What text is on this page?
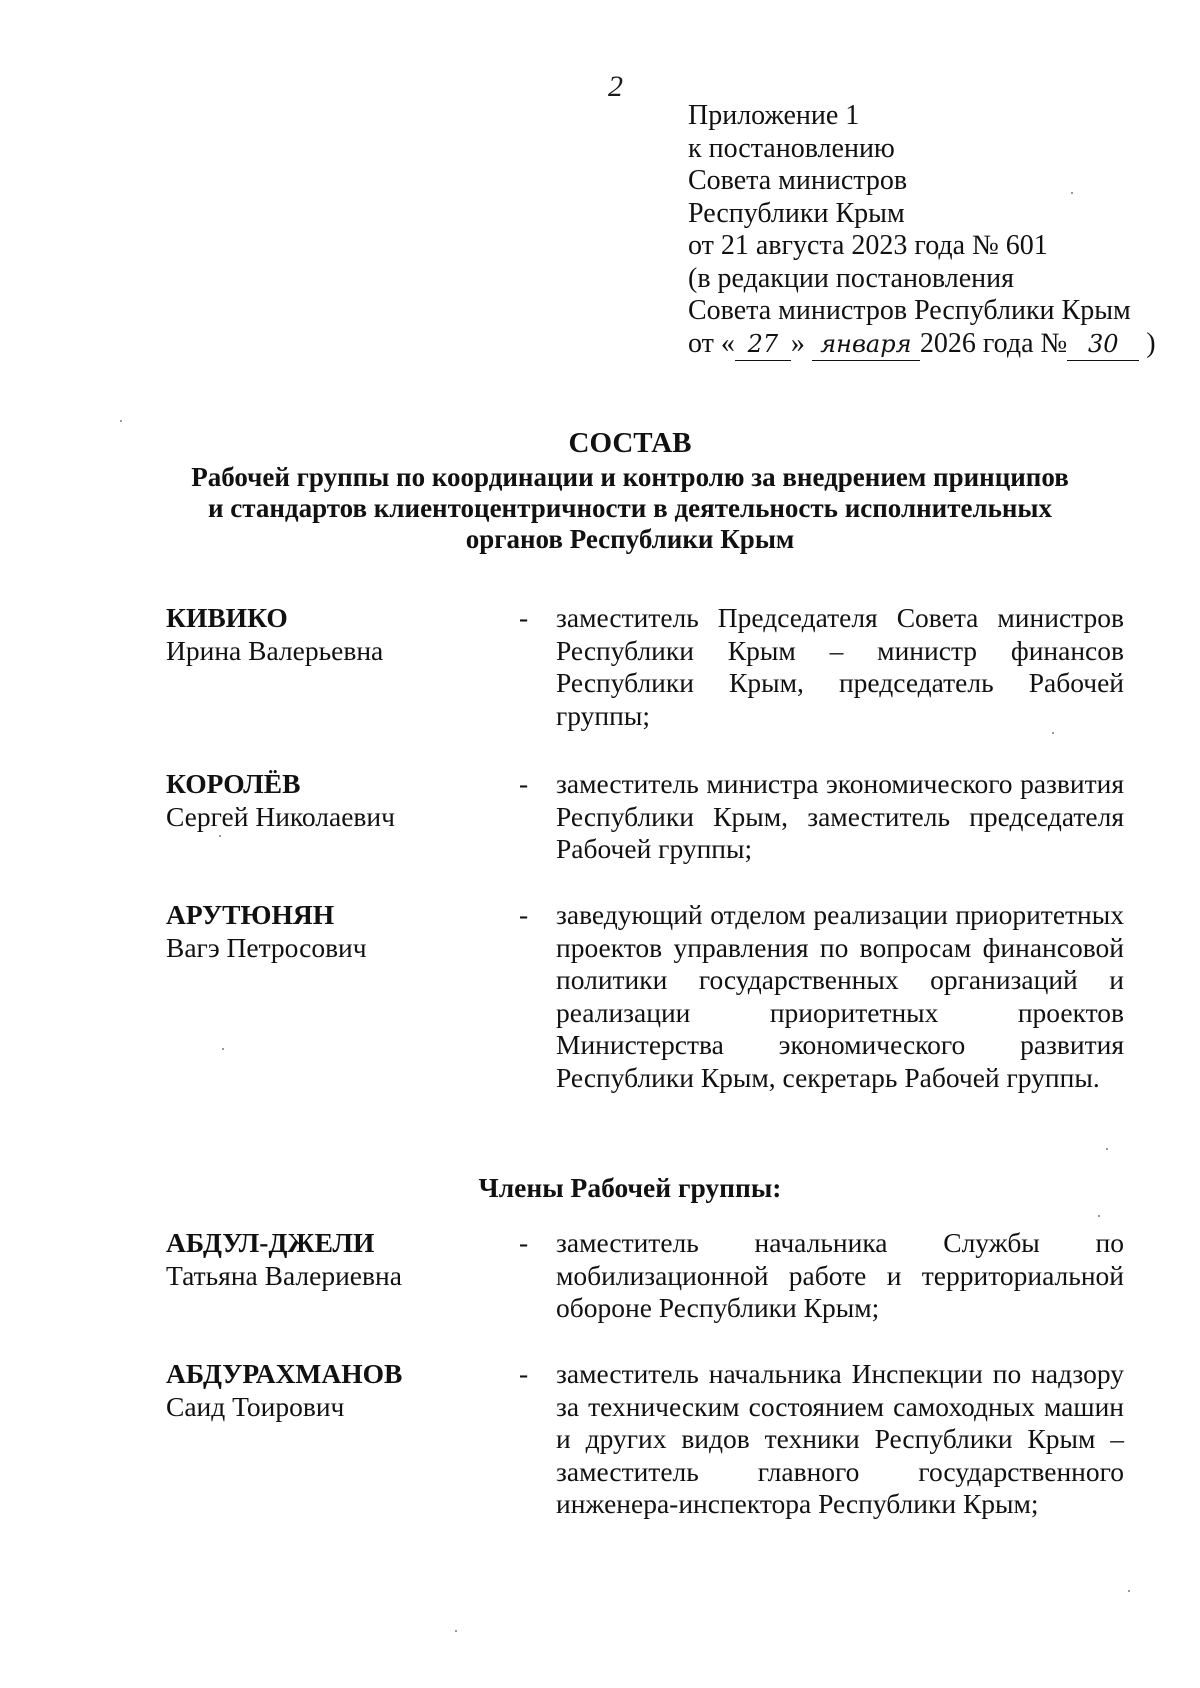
2
Приложение 1
к постановлению
Совета министров
Республики Крым
от 21 августа 2023 года № 601
(в редакции постановления
Совета министров Республики Крым
от « 27 » января 2026 года № 30 )
СОСТАВ
Рабочей группы по координации и контролю за внедрением принципов
и стандартов клиентоцентричности в деятельность исполнительных
органов Республики Крым
КИВИКО
Ирина Валерьевна
- заместитель Председателя Совета министров Республики Крым – министр финансов Республики Крым, председатель Рабочей группы;
КОРОЛЁВ
Сергей Николаевич
- заместитель министра экономического развития Республики Крым, заместитель председателя Рабочей группы;
АРУТЮНЯН
Вагэ Петросович
- заведующий отделом реализации приоритетных проектов управления по вопросам финансовой политики государственных организаций и реализации приоритетных проектов Министерства экономического развития Республики Крым, секретарь Рабочей группы.
Члены Рабочей группы:
АБДУЛ-ДЖЕЛИ
Татьяна Валериевна
- заместитель начальника Службы по мобилизационной работе и территориальной обороне Республики Крым;
АБДУРАХМАНОВ
Саид Тоирович
- заместитель начальника Инспекции по надзору за техническим состоянием самоходных машин и других видов техники Республики Крым – заместитель главного государственного инженера-инспектора Республики Крым;
